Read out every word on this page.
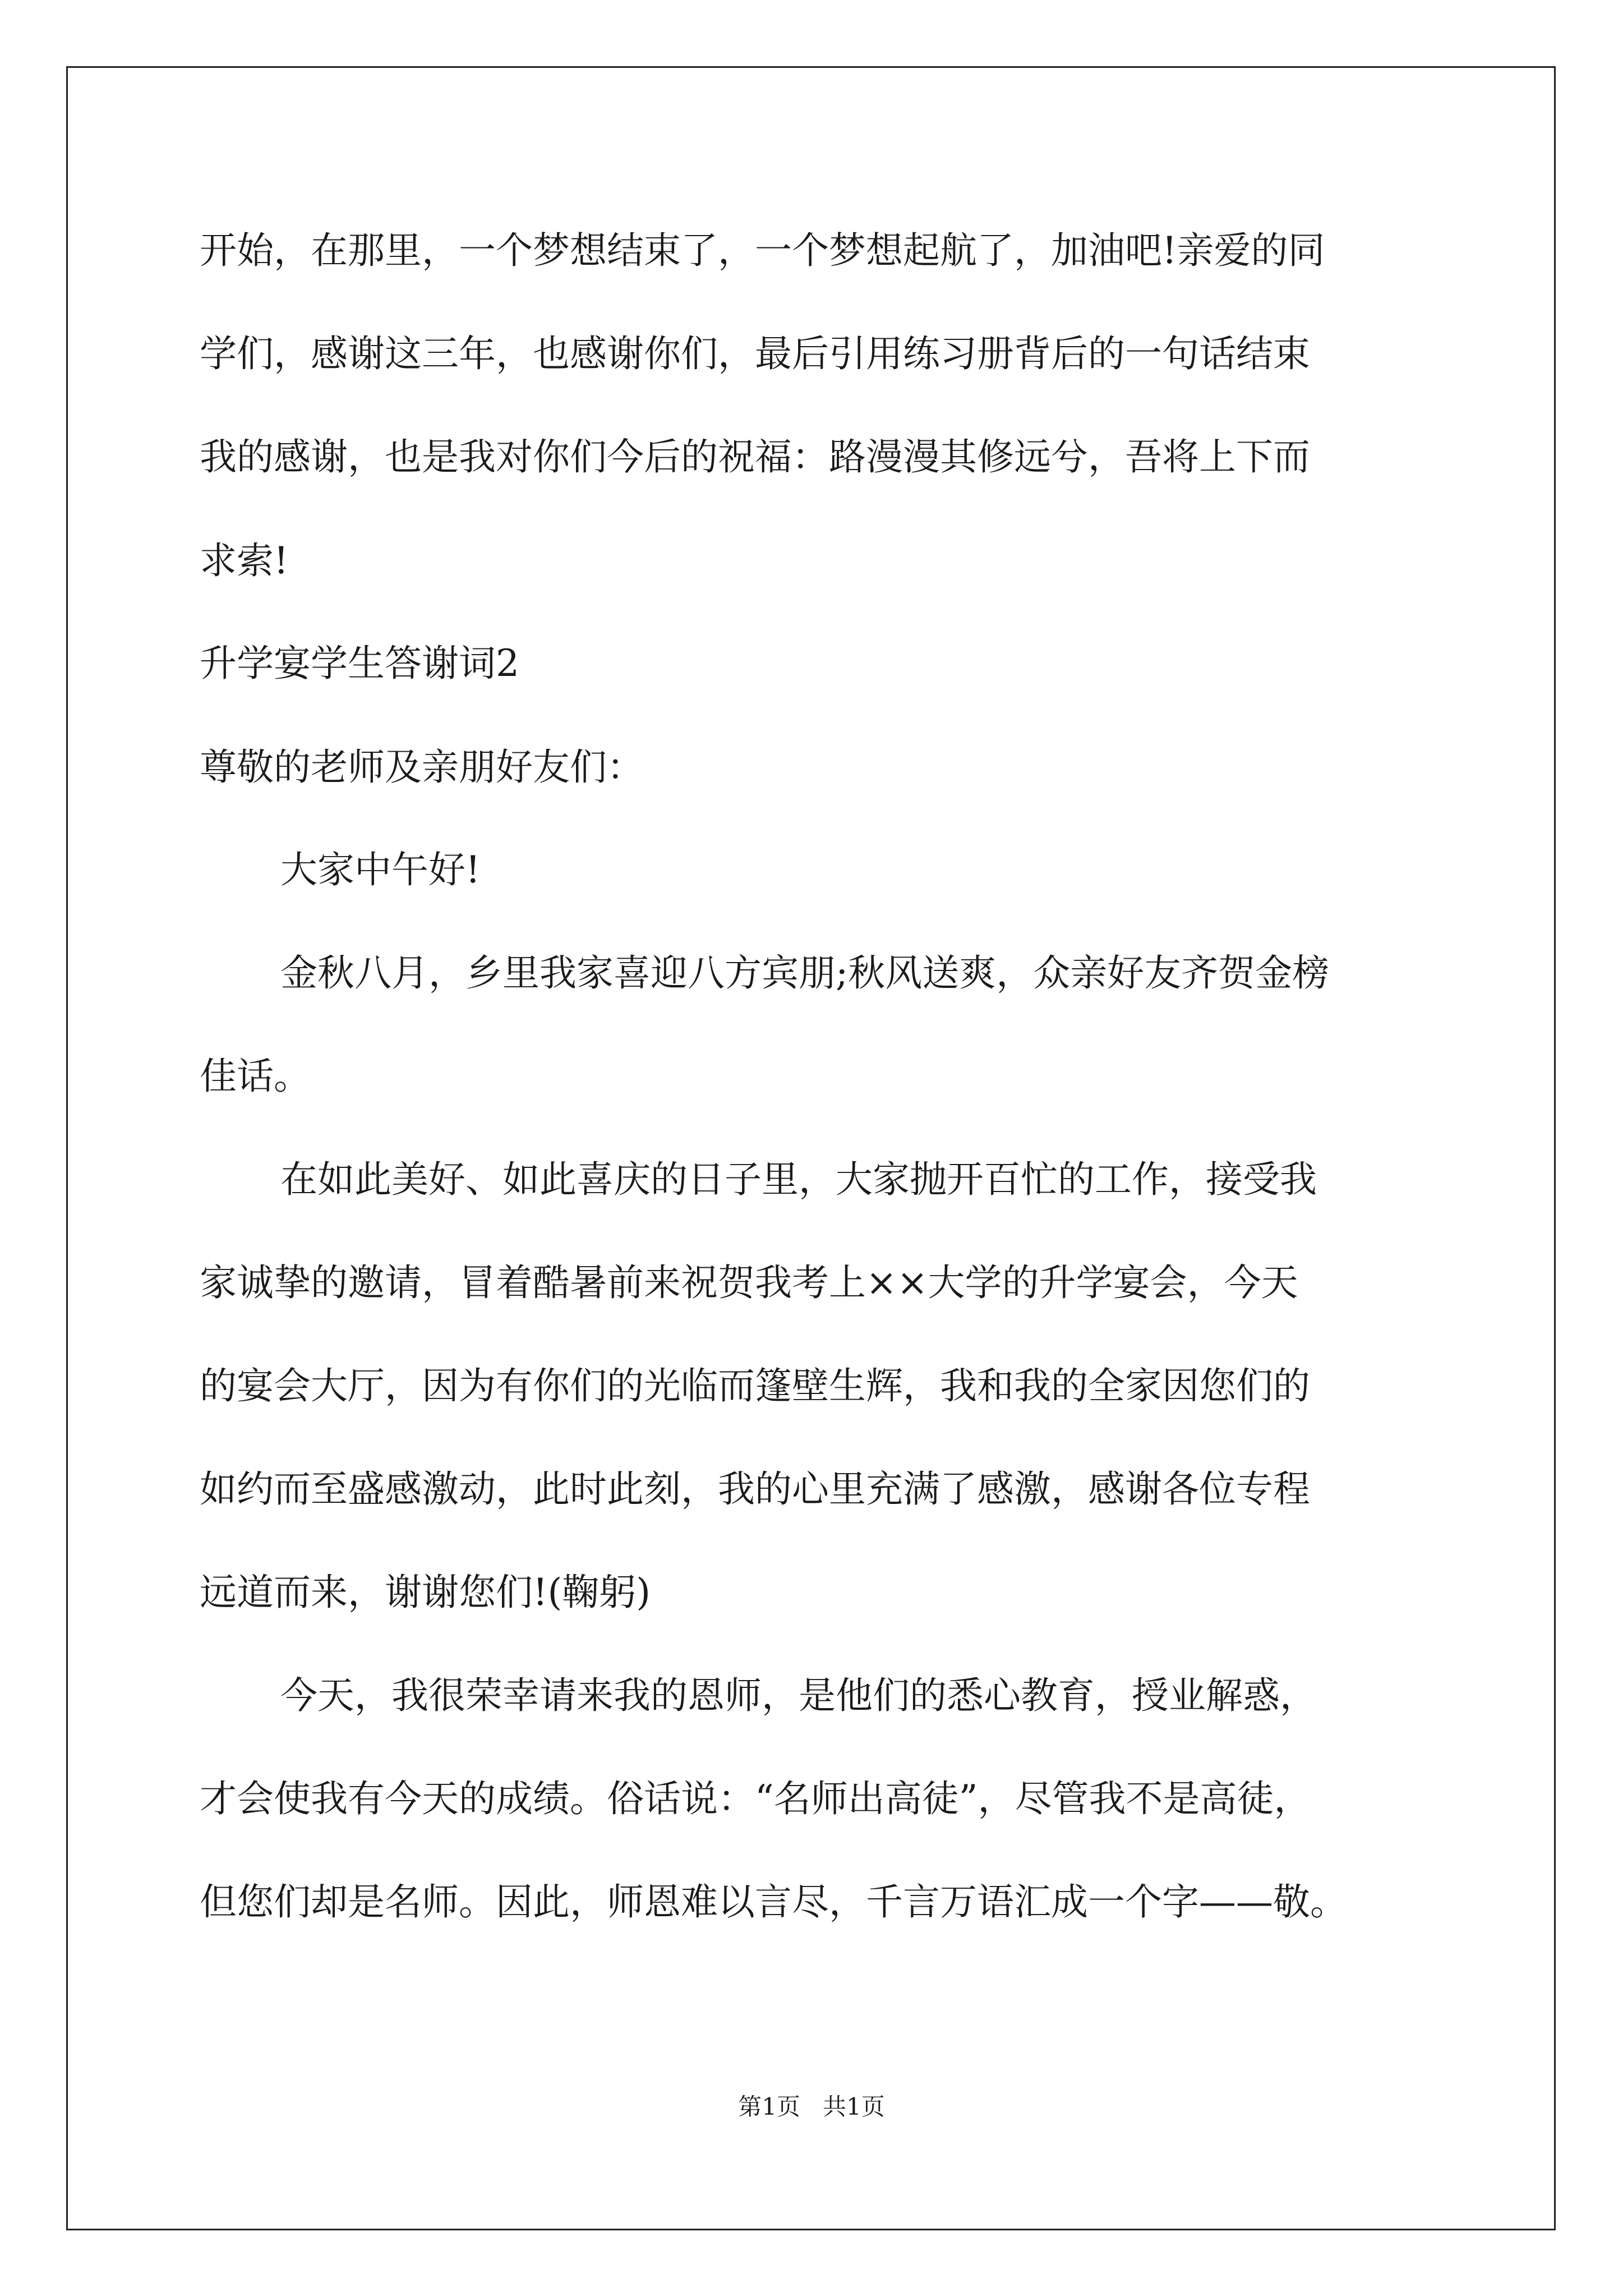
开始，在那里，一个梦想结束了，一个梦想起航了，加油吧!亲爱的同
学们，感谢这三年，也感谢你们，最后引用练习册背后的一句话结束
我的感谢，也是我对你们今后的祝福：路漫漫其修远兮，吾将上下而
求索!
升学宴学生答谢词2
尊敬的老师及亲朋好友们：
大家中午好!
金秋八月，乡里我家喜迎八方宾朋;秋风送爽，众亲好友齐贺金榜
佳话。
在如此美好、如此喜庆的日子里，大家抛开百忙的工作，接受我
家诚挚的邀请，冒着酷暑前来祝贺我考上××大学的升学宴会，今天
的宴会大厅，因为有你们的光临而篷壁生辉，我和我的全家因您们的
如约而至盛感激动，此时此刻，我的心里充满了感激，感谢各位专程
远道而来，谢谢您们!(鞠躬)
今天，我很荣幸请来我的恩师，是他们的悉心教育，授业解惑，
才会使我有今天的成绩。俗话说：“名师出高徒”，尽管我不是高徒，
但您们却是名师。因此，师恩难以言尽，千言万语汇成一个字——敬。
第1页   共1页
